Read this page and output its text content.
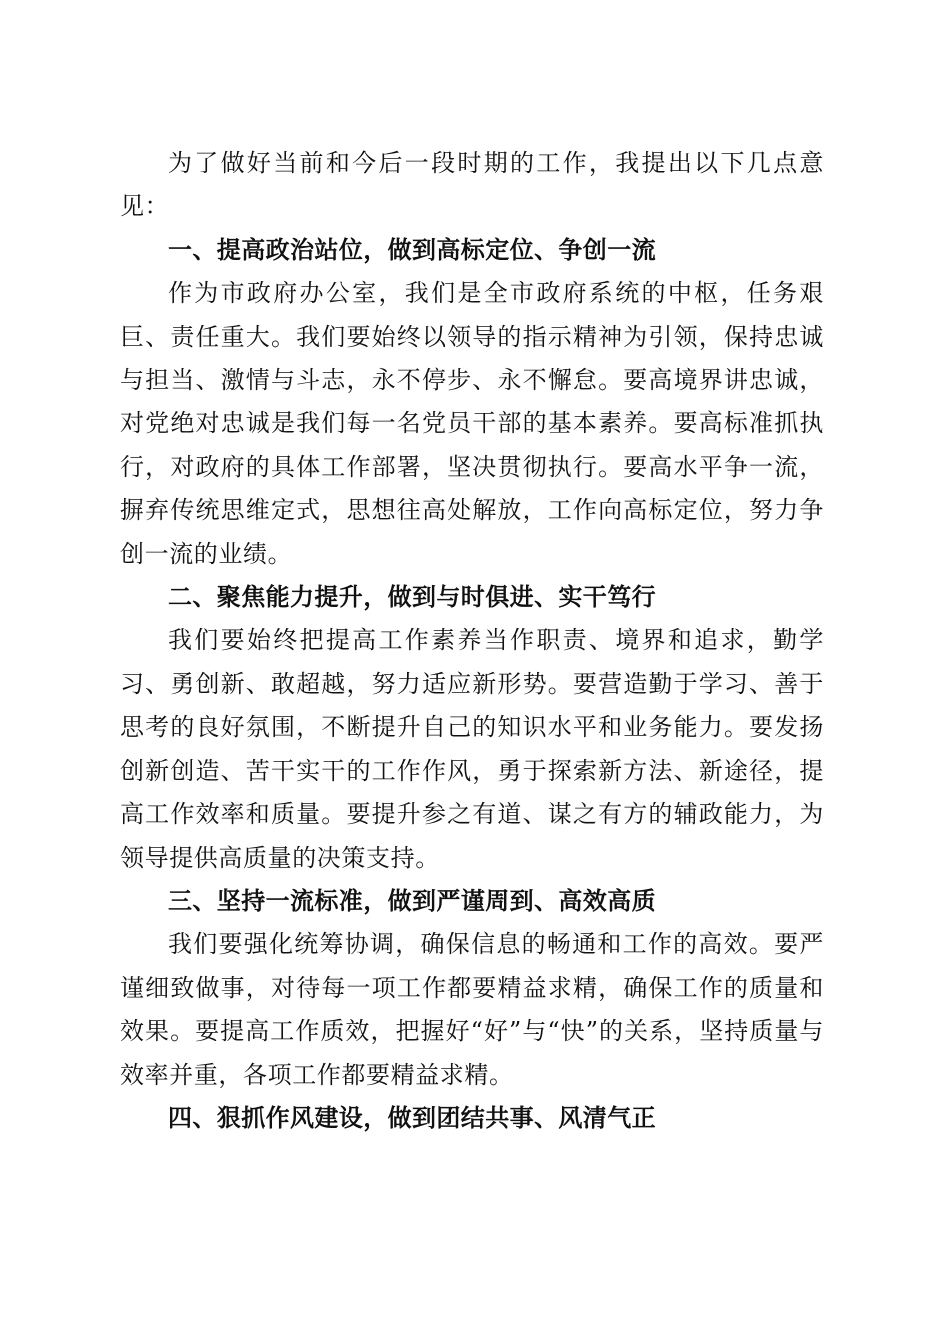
为了做好当前和今后一段时期的工作，我提出以下几点意见：

一、提高政治站位，做到高标定位、争创一流

作为市政府办公室，我们是全市政府系统的中枢，任务艰巨、责任重大。我们要始终以领导的指示精神为引领，保持忠诚与担当、激情与斗志，永不停步、永不懈怠。要高境界讲忠诚，对党绝对忠诚是我们每一名党员干部的基本素养。要高标准抓执行，对政府的具体工作部署，坚决贯彻执行。要高水平争一流，摒弃传统思维定式，思想往高处解放，工作向高标定位，努力争创一流的业绩。

二、聚焦能力提升，做到与时俱进、实干笃行

我们要始终把提高工作素养当作职责、境界和追求，勤学习、勇创新、敢超越，努力适应新形势。要营造勤于学习、善于思考的良好氛围，不断提升自己的知识水平和业务能力。要发扬创新创造、苦干实干的工作作风，勇于探索新方法、新途径，提高工作效率和质量。要提升参之有道、谋之有方的辅政能力，为领导提供高质量的决策支持。

三、坚持一流标准，做到严谨周到、高效高质

我们要强化统筹协调，确保信息的畅通和工作的高效。要严谨细致做事，对待每一项工作都要精益求精，确保工作的质量和效果。要提高工作质效，把握好“好”与“快”的关系，坚持质量与效率并重，各项工作都要精益求精。

四、狠抓作风建设，做到团结共事、风清气正
